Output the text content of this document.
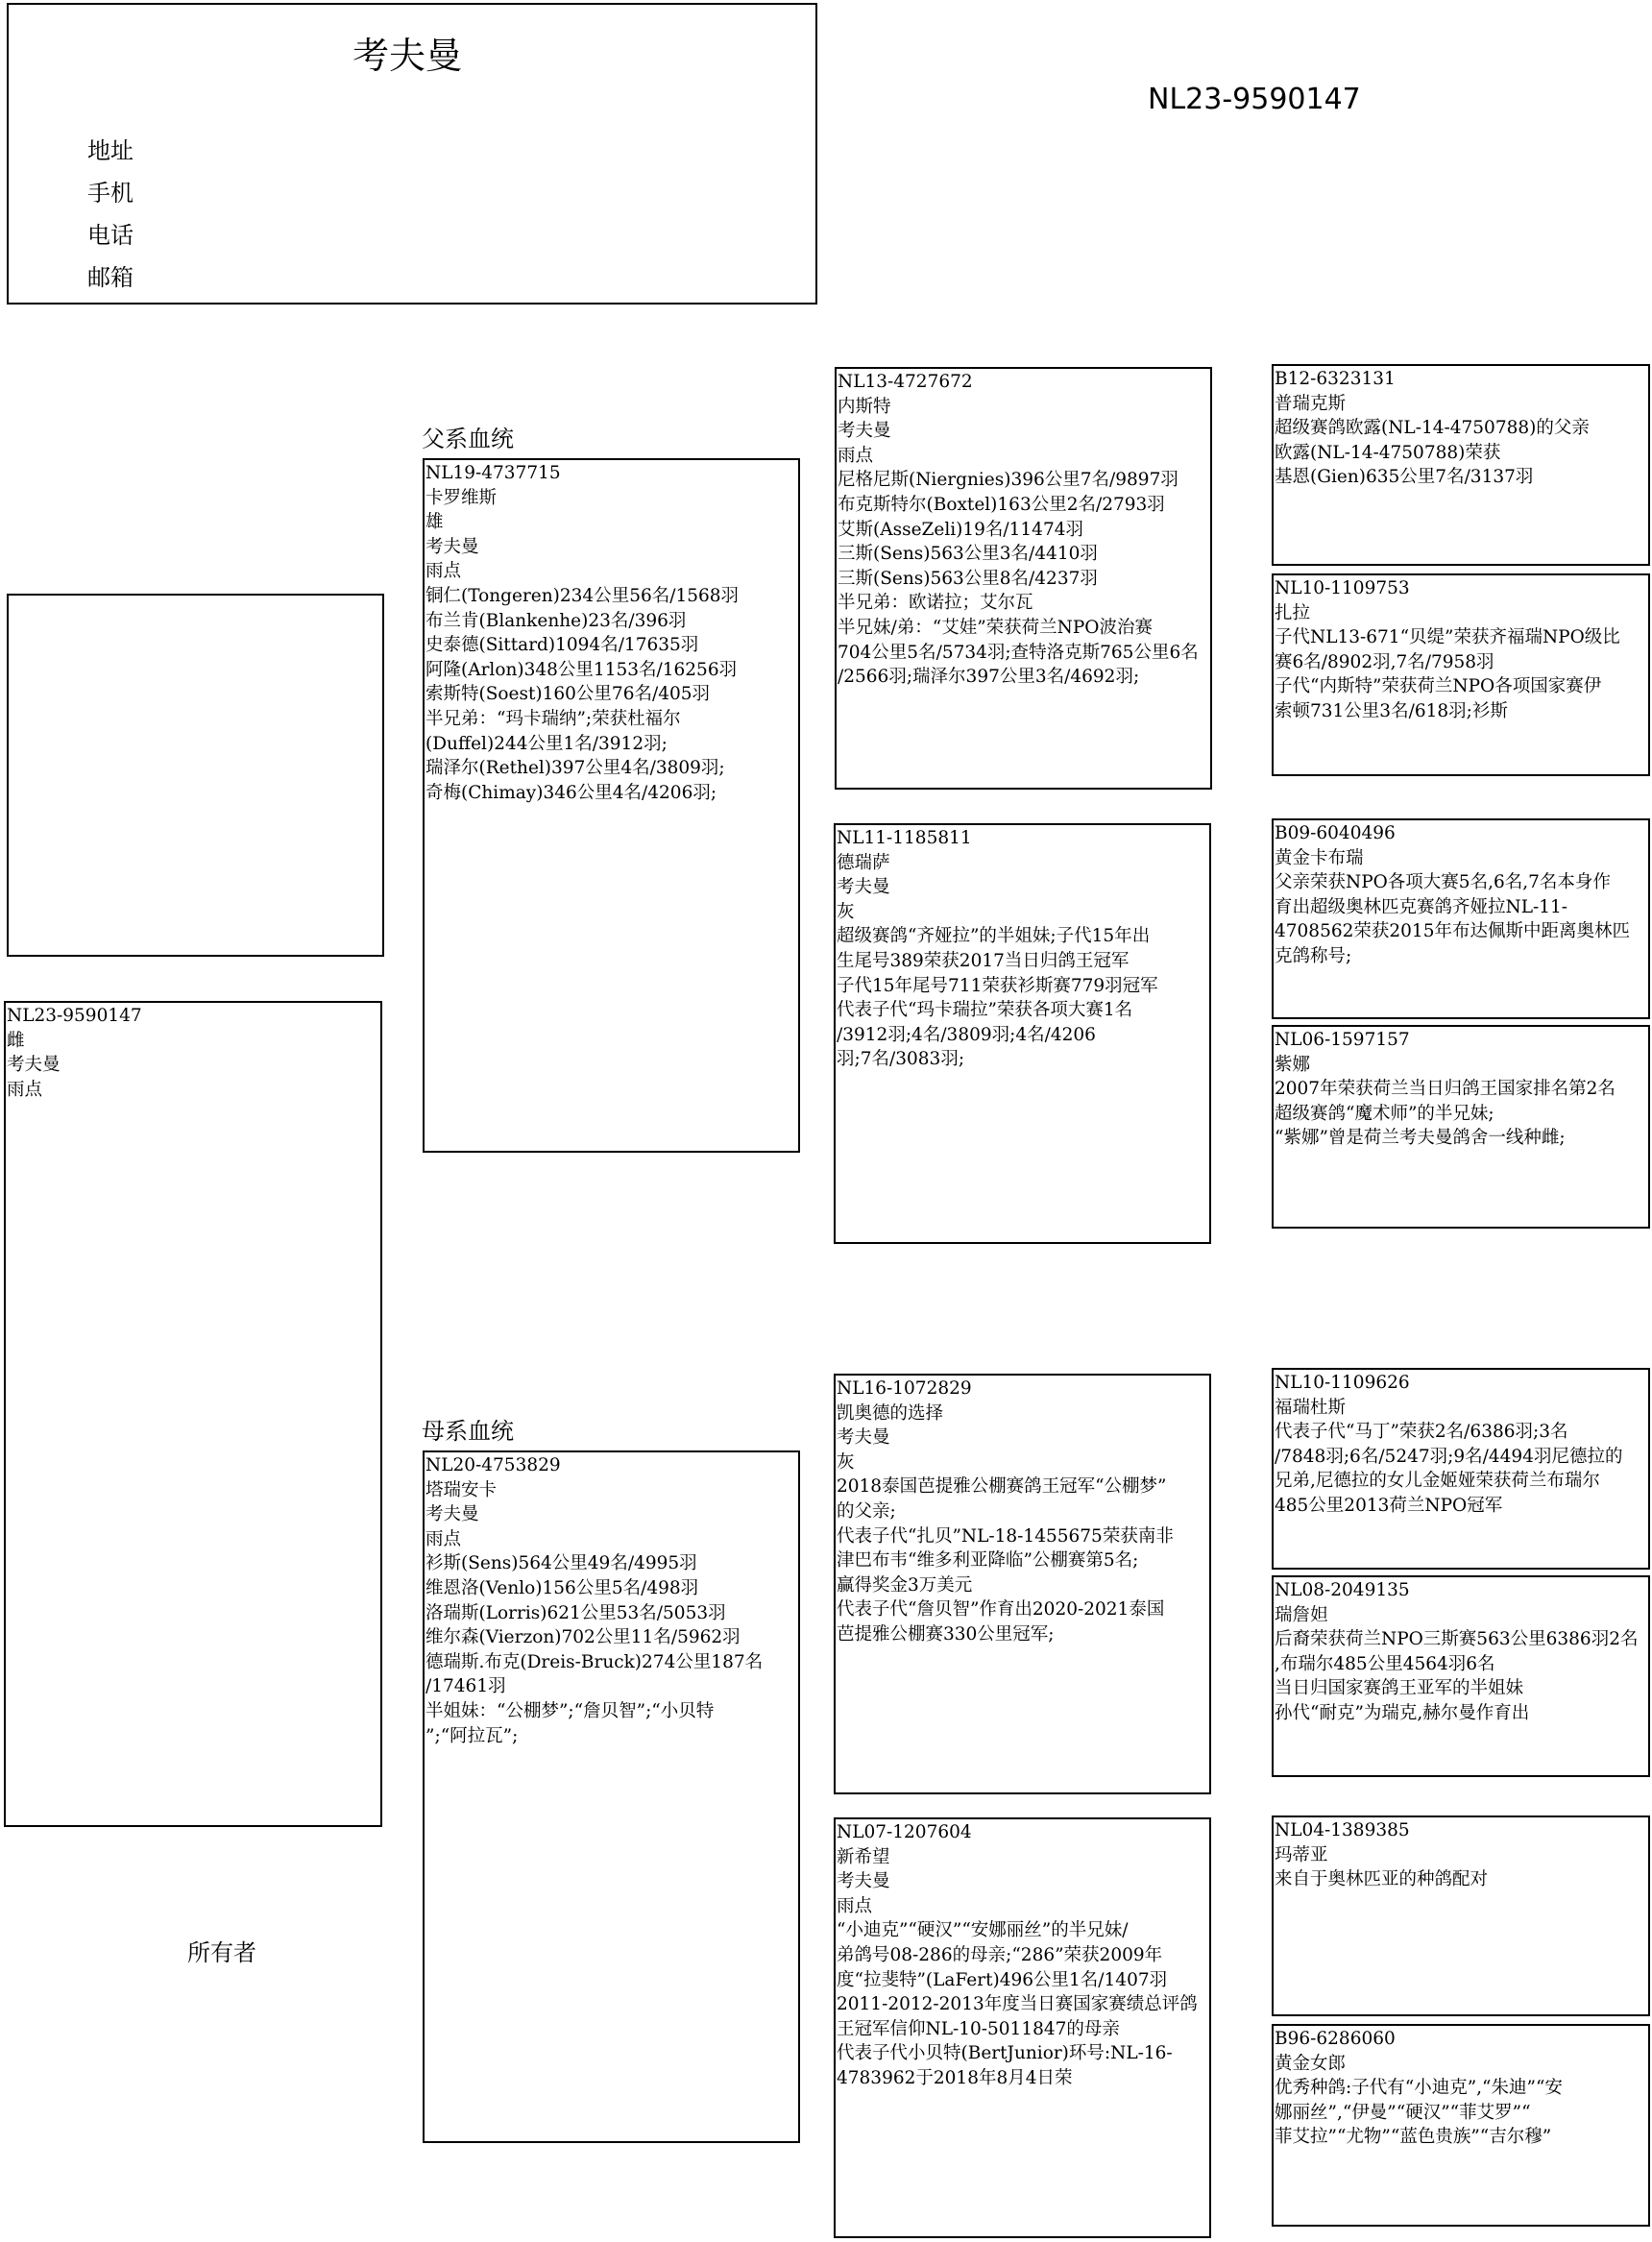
考夫曼
地址
手机
电话
邮箱
NL23-9590147
父系血统
母系血统
所有者
NL23-9590147
雌
考夫曼
雨点
NL19-4737715
卡罗维斯
雄
考夫曼
雨点
铜仁(Tongeren)234公里56名/1568羽
布兰肯(Blankenhe)23名/396羽
史泰德(Sittard)1094名/17635羽
阿隆(Arlon)348公里1153名/16256羽
索斯特(Soest)160公里76名/405羽
半兄弟：“玛卡瑞纳”;荣获杜福尔
(Duffel)244公里1名/3912羽;
瑞泽尔(Rethel)397公里4名/3809羽;
奇梅(Chimay)346公里4名/4206羽;
NL20-4753829
塔瑞安卡
考夫曼
雨点
衫斯(Sens)564公里49名/4995羽
维恩洛(Venlo)156公里5名/498羽
洛瑞斯(Lorris)621公里53名/5053羽
维尔森(Vierzon)702公里11名/5962羽
德瑞斯.布克(Dreis-Bruck)274公里187名
/17461羽
半姐妹：“公棚梦”;“詹贝智”;“小贝特
”;“阿拉瓦”;
NL13-4727672
内斯特
考夫曼
雨点
尼格尼斯(Niergnies)396公里7名/9897羽
布克斯特尔(Boxtel)163公里2名/2793羽
艾斯(AsseZeli)19名/11474羽
三斯(Sens)563公里3名/4410羽
三斯(Sens)563公里8名/4237羽
半兄弟：欧诺拉；艾尔瓦
半兄妹/弟：“艾娃”荣获荷兰NPO波治赛
704公里5名/5734羽;查特洛克斯765公里6名
/2566羽;瑞泽尔397公里3名/4692羽;
NL11-1185811
德瑞萨
考夫曼
灰
超级赛鸽“齐娅拉”的半姐妹;子代15年出
生尾号389荣获2017当日归鸽王冠军
子代15年尾号711荣获衫斯赛779羽冠军
代表子代“玛卡瑞拉”荣获各项大赛1名
/3912羽;4名/3809羽;4名/4206
羽;7名/3083羽;
NL16-1072829
凯奥德的选择
考夫曼
灰
2018泰国芭提雅公棚赛鸽王冠军“公棚梦”
的父亲;
代表子代“扎贝”NL-18-1455675荣获南非
津巴布韦“维多利亚降临”公棚赛第5名;
赢得奖金3万美元
代表子代“詹贝智”作育出2020-2021泰国
芭提雅公棚赛330公里冠军;
NL07-1207604
新希望
考夫曼
雨点
“小迪克”“硬汉”“安娜丽丝”的半兄妹/
弟鸽号08-286的母亲;“286”荣获2009年
度“拉斐特”(LaFert)496公里1名/1407羽
2011-2012-2013年度当日赛国家赛绩总评鸽
王冠军信仰NL-10-5011847的母亲
代表子代小贝特(BertJunior)环号:NL-16-
4783962于2018年8月4日荣
B12-6323131
普瑞克斯
超级赛鸽欧露(NL-14-4750788)的父亲
欧露(NL-14-4750788)荣获
基恩(Gien)635公里7名/3137羽
NL10-1109753
扎拉
子代NL13-671“贝缇”荣获齐福瑞NPO级比
赛6名/8902羽,7名/7958羽
子代“内斯特”荣获荷兰NPO各项国家赛伊
索顿731公里3名/618羽;衫斯
B09-6040496
黄金卡布瑞
父亲荣获NPO各项大赛5名,6名,7名本身作
育出超级奥林匹克赛鸽齐娅拉NL-11-
4708562荣获2015年布达佩斯中距离奥林匹
克鸽称号;
NL06-1597157
紫娜
2007年荣获荷兰当日归鸽王国家排名第2名
超级赛鸽“魔术师”的半兄妹;
“紫娜”曾是荷兰考夫曼鸽舍一线种雌;
NL10-1109626
福瑞杜斯
代表子代“马丁”荣获2名/6386羽;3名
/7848羽;6名/5247羽;9名/4494羽尼德拉的
兄弟,尼德拉的女儿金姬娅荣获荷兰布瑞尔
485公里2013荷兰NPO冠军
NL08-2049135
瑞詹妲
后裔荣获荷兰NPO三斯赛563公里6386羽2名
,布瑞尔485公里4564羽6名
当日归国家赛鸽王亚军的半姐妹
孙代“耐克”为瑞克,赫尔曼作育出
NL04-1389385
玛蒂亚
来自于奥林匹亚的种鸽配对
B96-6286060
黄金女郎
优秀种鸽:子代有“小迪克”,“朱迪”“安
娜丽丝”,“伊曼”“硬汉”“菲艾罗”“
菲艾拉”“尤物”“蓝色贵族”“吉尔穆”
